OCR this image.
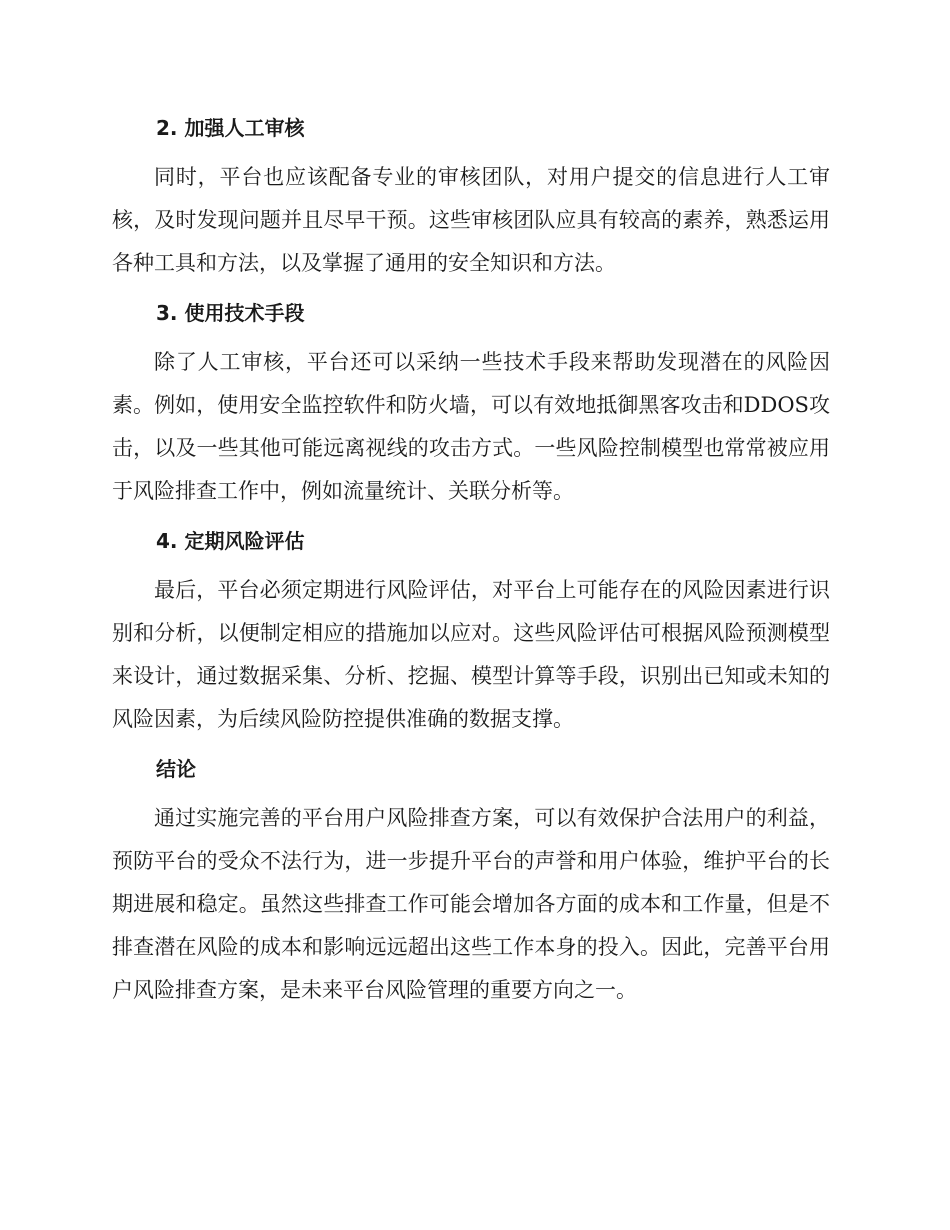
2. 加强人工审核

同时，平台也应该配备专业的审核团队，对用户提交的信息进行人工审核，及时发现问题并且尽早干预。这些审核团队应具有较高的素养，熟悉运用各种工具和方法，以及掌握了通用的安全知识和方法。

3. 使用技术手段

除了人工审核，平台还可以采纳一些技术手段来帮助发现潜在的风险因素。例如，使用安全监控软件和防火墙，可以有效地抵御黑客攻击和DDOS攻击，以及一些其他可能远离视线的攻击方式。一些风险控制模型也常常被应用于风险排查工作中，例如流量统计、关联分析等。

4. 定期风险评估

最后，平台必须定期进行风险评估，对平台上可能存在的风险因素进行识别和分析，以便制定相应的措施加以应对。这些风险评估可根据风险预测模型来设计，通过数据采集、分析、挖掘、模型计算等手段，识别出已知或未知的风险因素，为后续风险防控提供准确的数据支撑。

结论

通过实施完善的平台用户风险排查方案，可以有效保护合法用户的利益，预防平台的受众不法行为，进一步提升平台的声誉和用户体验，维护平台的长期进展和稳定。虽然这些排查工作可能会增加各方面的成本和工作量，但是不排查潜在风险的成本和影响远远超出这些工作本身的投入。因此，完善平台用户风险排查方案，是未来平台风险管理的重要方向之一。
